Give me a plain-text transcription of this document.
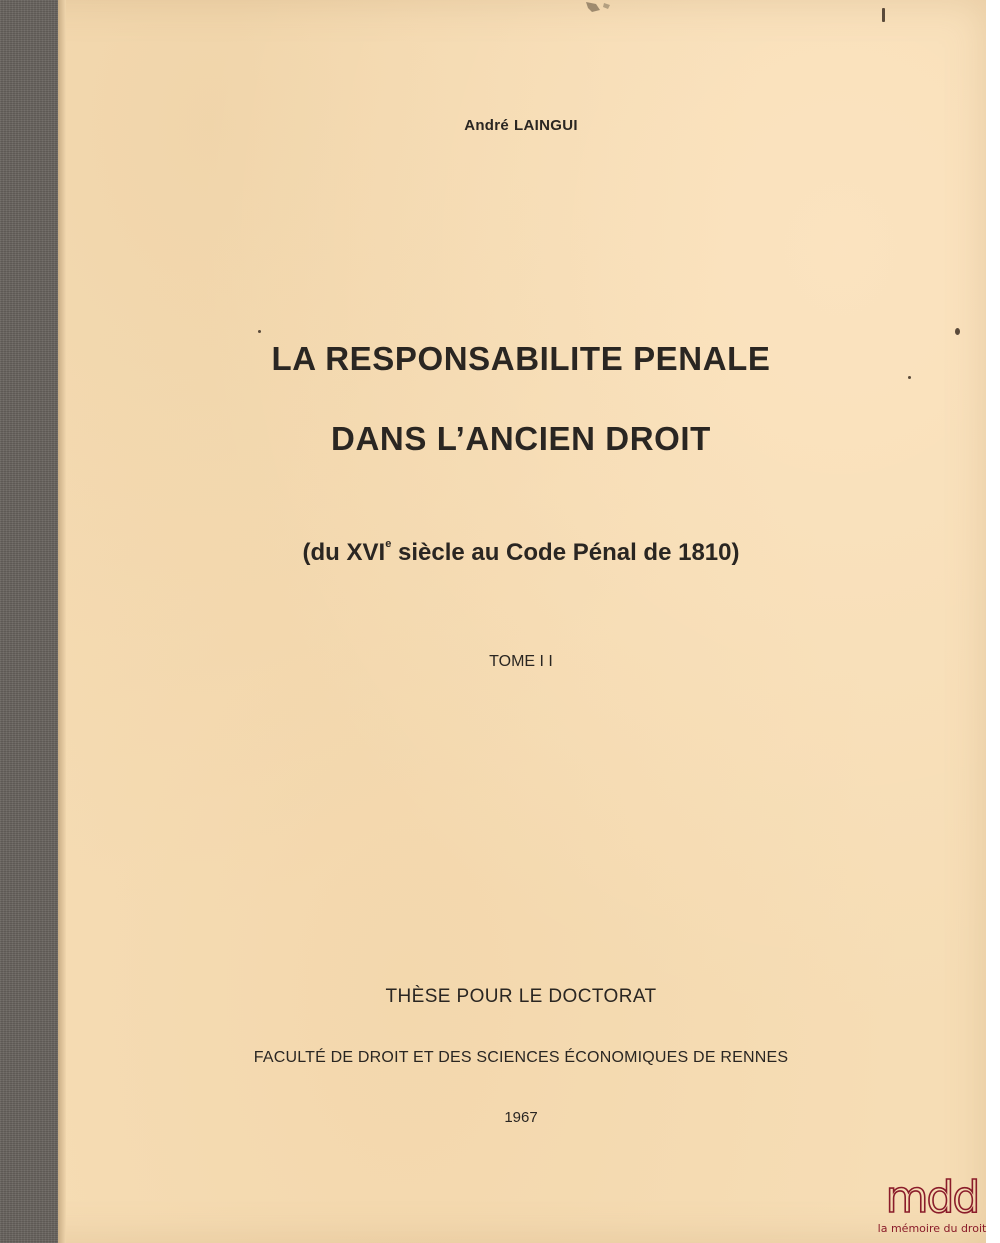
André LAINGUI

LA RESPONSABILITE PENALE

DANS L’ANCIEN DROIT

(du XVIe siècle au Code Pénal de 1810)

TOME I I

THÈSE POUR LE DOCTORAT

FACULTÉ DE DROIT ET DES SCIENCES ÉCONOMIQUES DE RENNES

1967

mdd
la mémoire du droit
